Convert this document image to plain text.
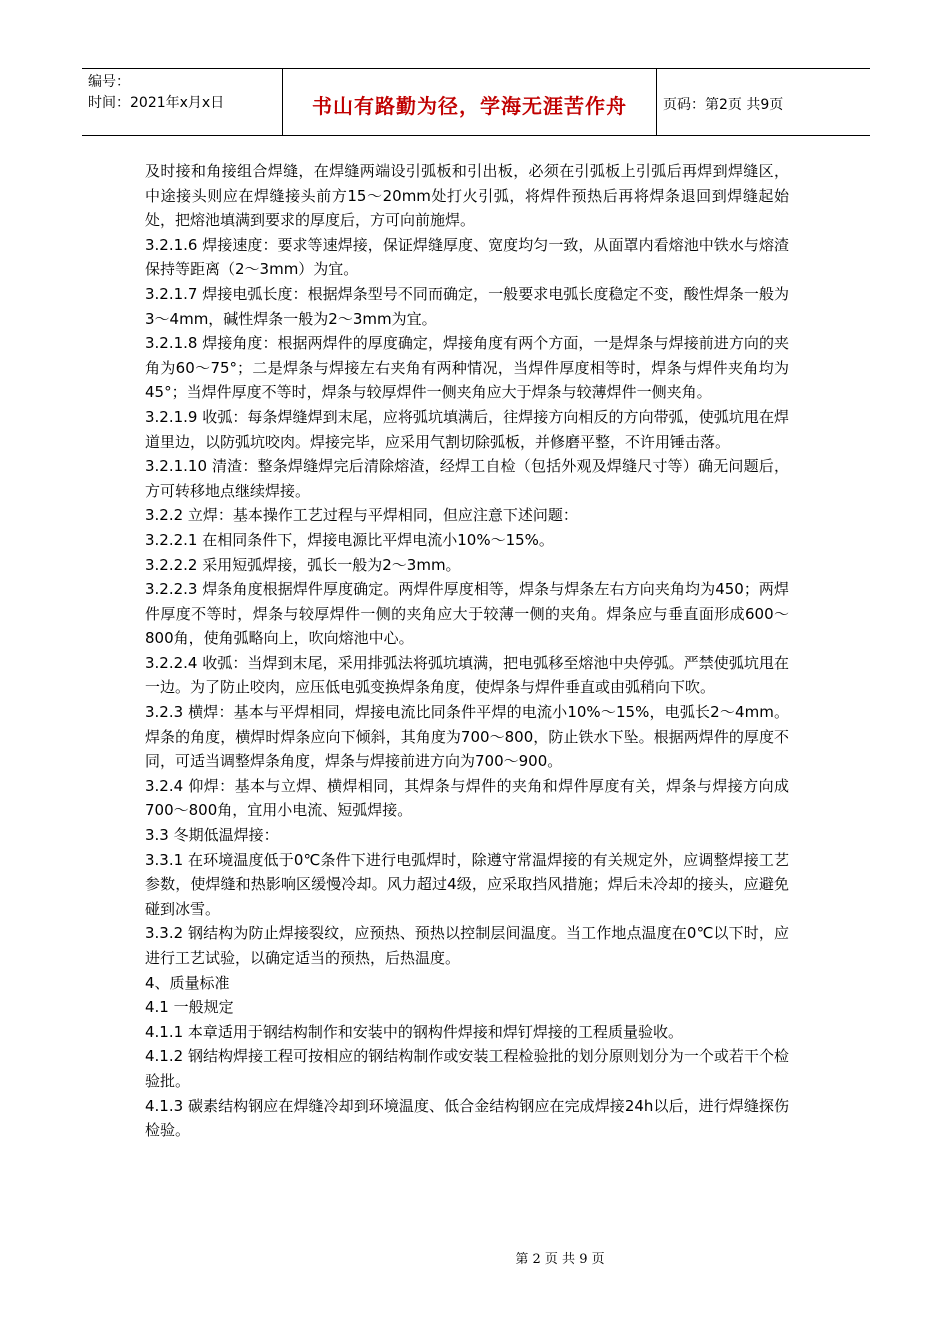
编号：
时间：2021年x月x日	书山有路勤为径，学海无涯苦作舟	页码：第2页 共9页

及时接和角接组合焊缝，在焊缝两端设引弧板和引出板，必须在引弧板上引弧后再焊到焊缝区，中途接头则应在焊缝接头前方15～20mm处打火引弧，将焊件预热后再将焊条退回到焊缝起始处，把熔池填满到要求的厚度后，方可向前施焊。

3.2.1.6 焊接速度：要求等速焊接，保证焊缝厚度、宽度均匀一致，从面罩内看熔池中铁水与熔渣保持等距离（2～3mm）为宜。

3.2.1.7 焊接电弧长度：根据焊条型号不同而确定，一般要求电弧长度稳定不变，酸性焊条一般为3～4mm，碱性焊条一般为2～3mm为宜。

3.2.1.8 焊接角度：根据两焊件的厚度确定，焊接角度有两个方面，一是焊条与焊接前进方向的夹角为60～75°；二是焊条与焊接左右夹角有两种情况，当焊件厚度相等时，焊条与焊件夹角均为45°；当焊件厚度不等时，焊条与较厚焊件一侧夹角应大于焊条与较薄焊件一侧夹角。

3.2.1.9 收弧：每条焊缝焊到末尾，应将弧坑填满后，往焊接方向相反的方向带弧，使弧坑甩在焊道里边，以防弧坑咬肉。焊接完毕，应采用气割切除弧板，并修磨平整，不许用锤击落。

3.2.1.10 清渣：整条焊缝焊完后清除熔渣，经焊工自检（包括外观及焊缝尺寸等）确无问题后，方可转移地点继续焊接。

3.2.2 立焊：基本操作工艺过程与平焊相同，但应注意下述问题：

3.2.2.1 在相同条件下，焊接电源比平焊电流小10%～15%。

3.2.2.2 采用短弧焊接，弧长一般为2～3mm。

3.2.2.3 焊条角度根据焊件厚度确定。两焊件厚度相等，焊条与焊条左右方向夹角均为450；两焊件厚度不等时，焊条与较厚焊件一侧的夹角应大于较薄一侧的夹角。焊条应与垂直面形成600～800角，使角弧略向上，吹向熔池中心。

3.2.2.4 收弧：当焊到末尾，采用排弧法将弧坑填满，把电弧移至熔池中央停弧。严禁使弧坑甩在一边。为了防止咬肉，应压低电弧变换焊条角度，使焊条与焊件垂直或由弧稍向下吹。

3.2.3 横焊：基本与平焊相同，焊接电流比同条件平焊的电流小10%～15%，电弧长2～4mm。焊条的角度，横焊时焊条应向下倾斜，其角度为700～800，防止铁水下坠。根据两焊件的厚度不同，可适当调整焊条角度，焊条与焊接前进方向为700～900。

3.2.4 仰焊：基本与立焊、横焊相同，其焊条与焊件的夹角和焊件厚度有关，焊条与焊接方向成700～800角，宜用小电流、短弧焊接。

3.3 冬期低温焊接：

3.3.1 在环境温度低于0℃条件下进行电弧焊时，除遵守常温焊接的有关规定外，应调整焊接工艺参数，使焊缝和热影响区缓慢冷却。风力超过4级，应采取挡风措施；焊后未冷却的接头，应避免碰到冰雪。

3.3.2 钢结构为防止焊接裂纹，应预热、预热以控制层间温度。当工作地点温度在0℃以下时，应进行工艺试验，以确定适当的预热，后热温度。

4、质量标准

4.1 一般规定

4.1.1 本章适用于钢结构制作和安装中的钢构件焊接和焊钉焊接的工程质量验收。

4.1.2 钢结构焊接工程可按相应的钢结构制作或安装工程检验批的划分原则划分为一个或若干个检验批。

4.1.3 碳素结构钢应在焊缝冷却到环境温度、低合金结构钢应在完成焊接24h以后，进行焊缝探伤检验。

第 2 页 共 9 页
